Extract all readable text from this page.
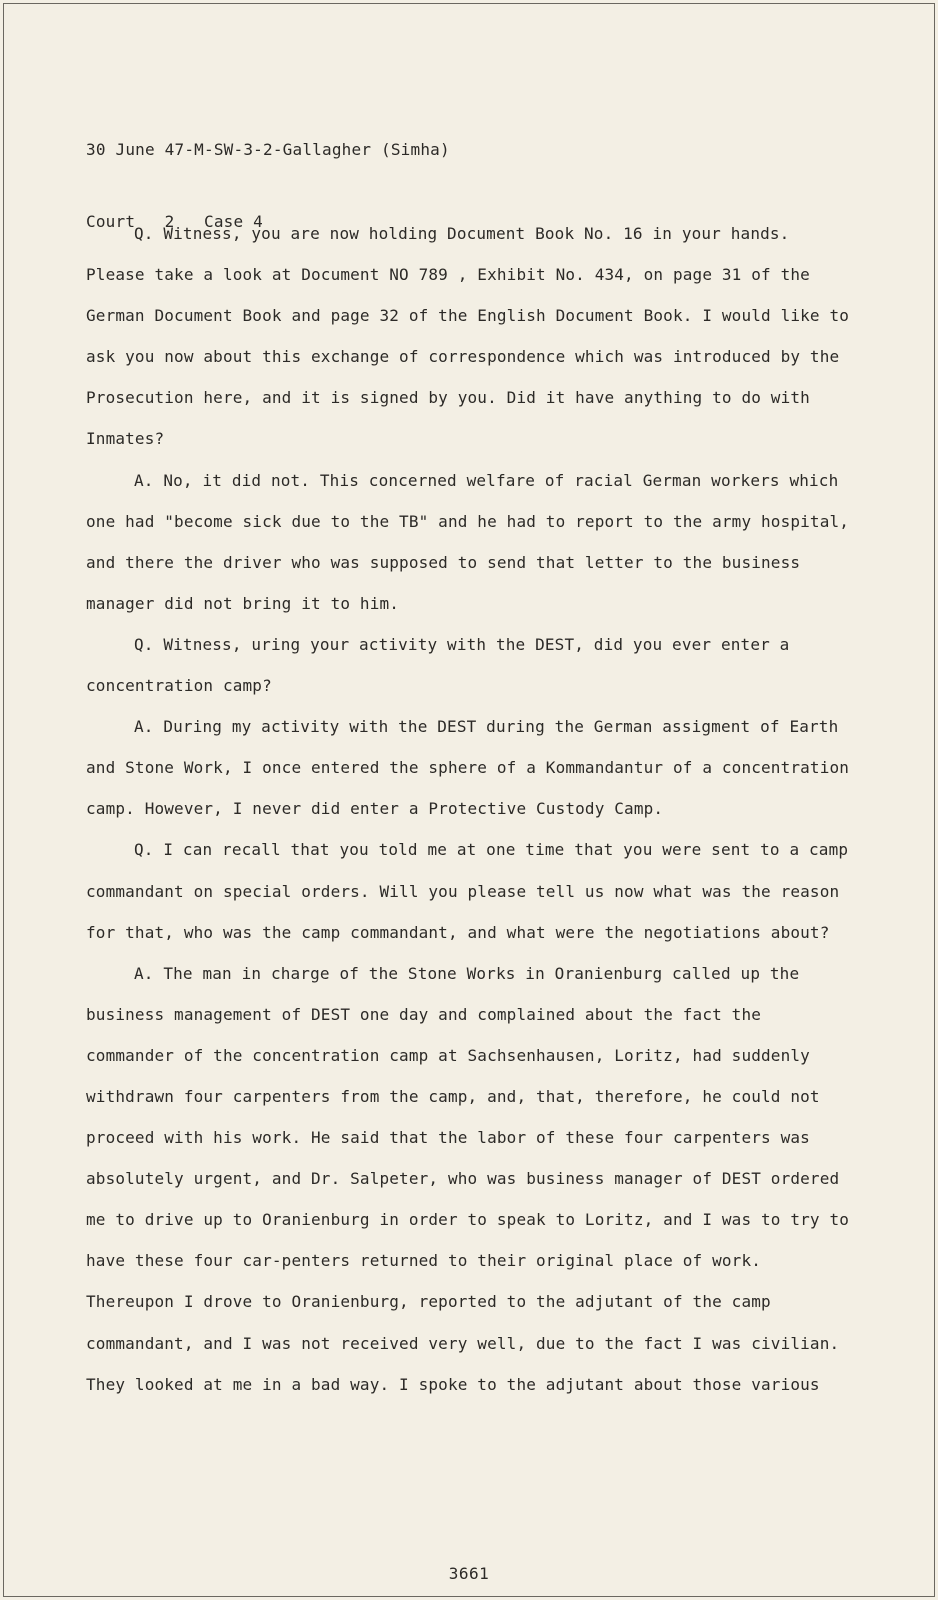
30 June 47-M-SW-3-2-Gallagher (Simha)

Court   2   Case 4

Q. Witness, you are now holding Document Book No. 16 in your hands. Please take a look at Document NO 789 , Exhibit No. 434, on page 31 of the German Document Book and page 32 of the English Document Book. I would like to ask you now about this exchange of correspondence which was introduced by the Prosecution here, and it is signed by you. Did it have anything to do with Inmates?

A. No, it did not. This concerned welfare of racial German workers which one had "become sick due to the TB" and he had to report to the army hospital, and there the driver who was supposed to send that letter to the business manager did not bring it to him.

Q. Witness, uring your activity with the DEST, did you ever enter a concentration camp?

A. During my activity with the DEST during the German assigment of Earth and Stone Work, I once entered the sphere of a Kommandantur of a concentration camp. However, I never did enter a Protective Custody Camp.

Q. I can recall that you told me at one time that you were sent to a camp commandant on special orders. Will you please tell us now what was the reason for that, who was the camp commandant, and what were the negotiations about?

A. The man in charge of the Stone Works in Oranienburg called up the business management of DEST one day and complained about the fact the commander of the concentration camp at Sachsenhausen, Loritz, had suddenly withdrawn four carpenters from the camp, and, that, therefore, he could not proceed with his work. He said that the labor of these four carpenters was absolutely urgent, and Dr. Salpeter, who was business manager of DEST ordered me to drive up to Oranienburg in order to speak to Loritz, and I was to try to have these four car-penters returned to their original place of work. Thereupon I drove to Oranienburg, reported to the adjutant of the camp commandant, and I was not received very well, due to the fact I was civilian. They looked at me in a bad way. I spoke to the adjutant about those various

3661
